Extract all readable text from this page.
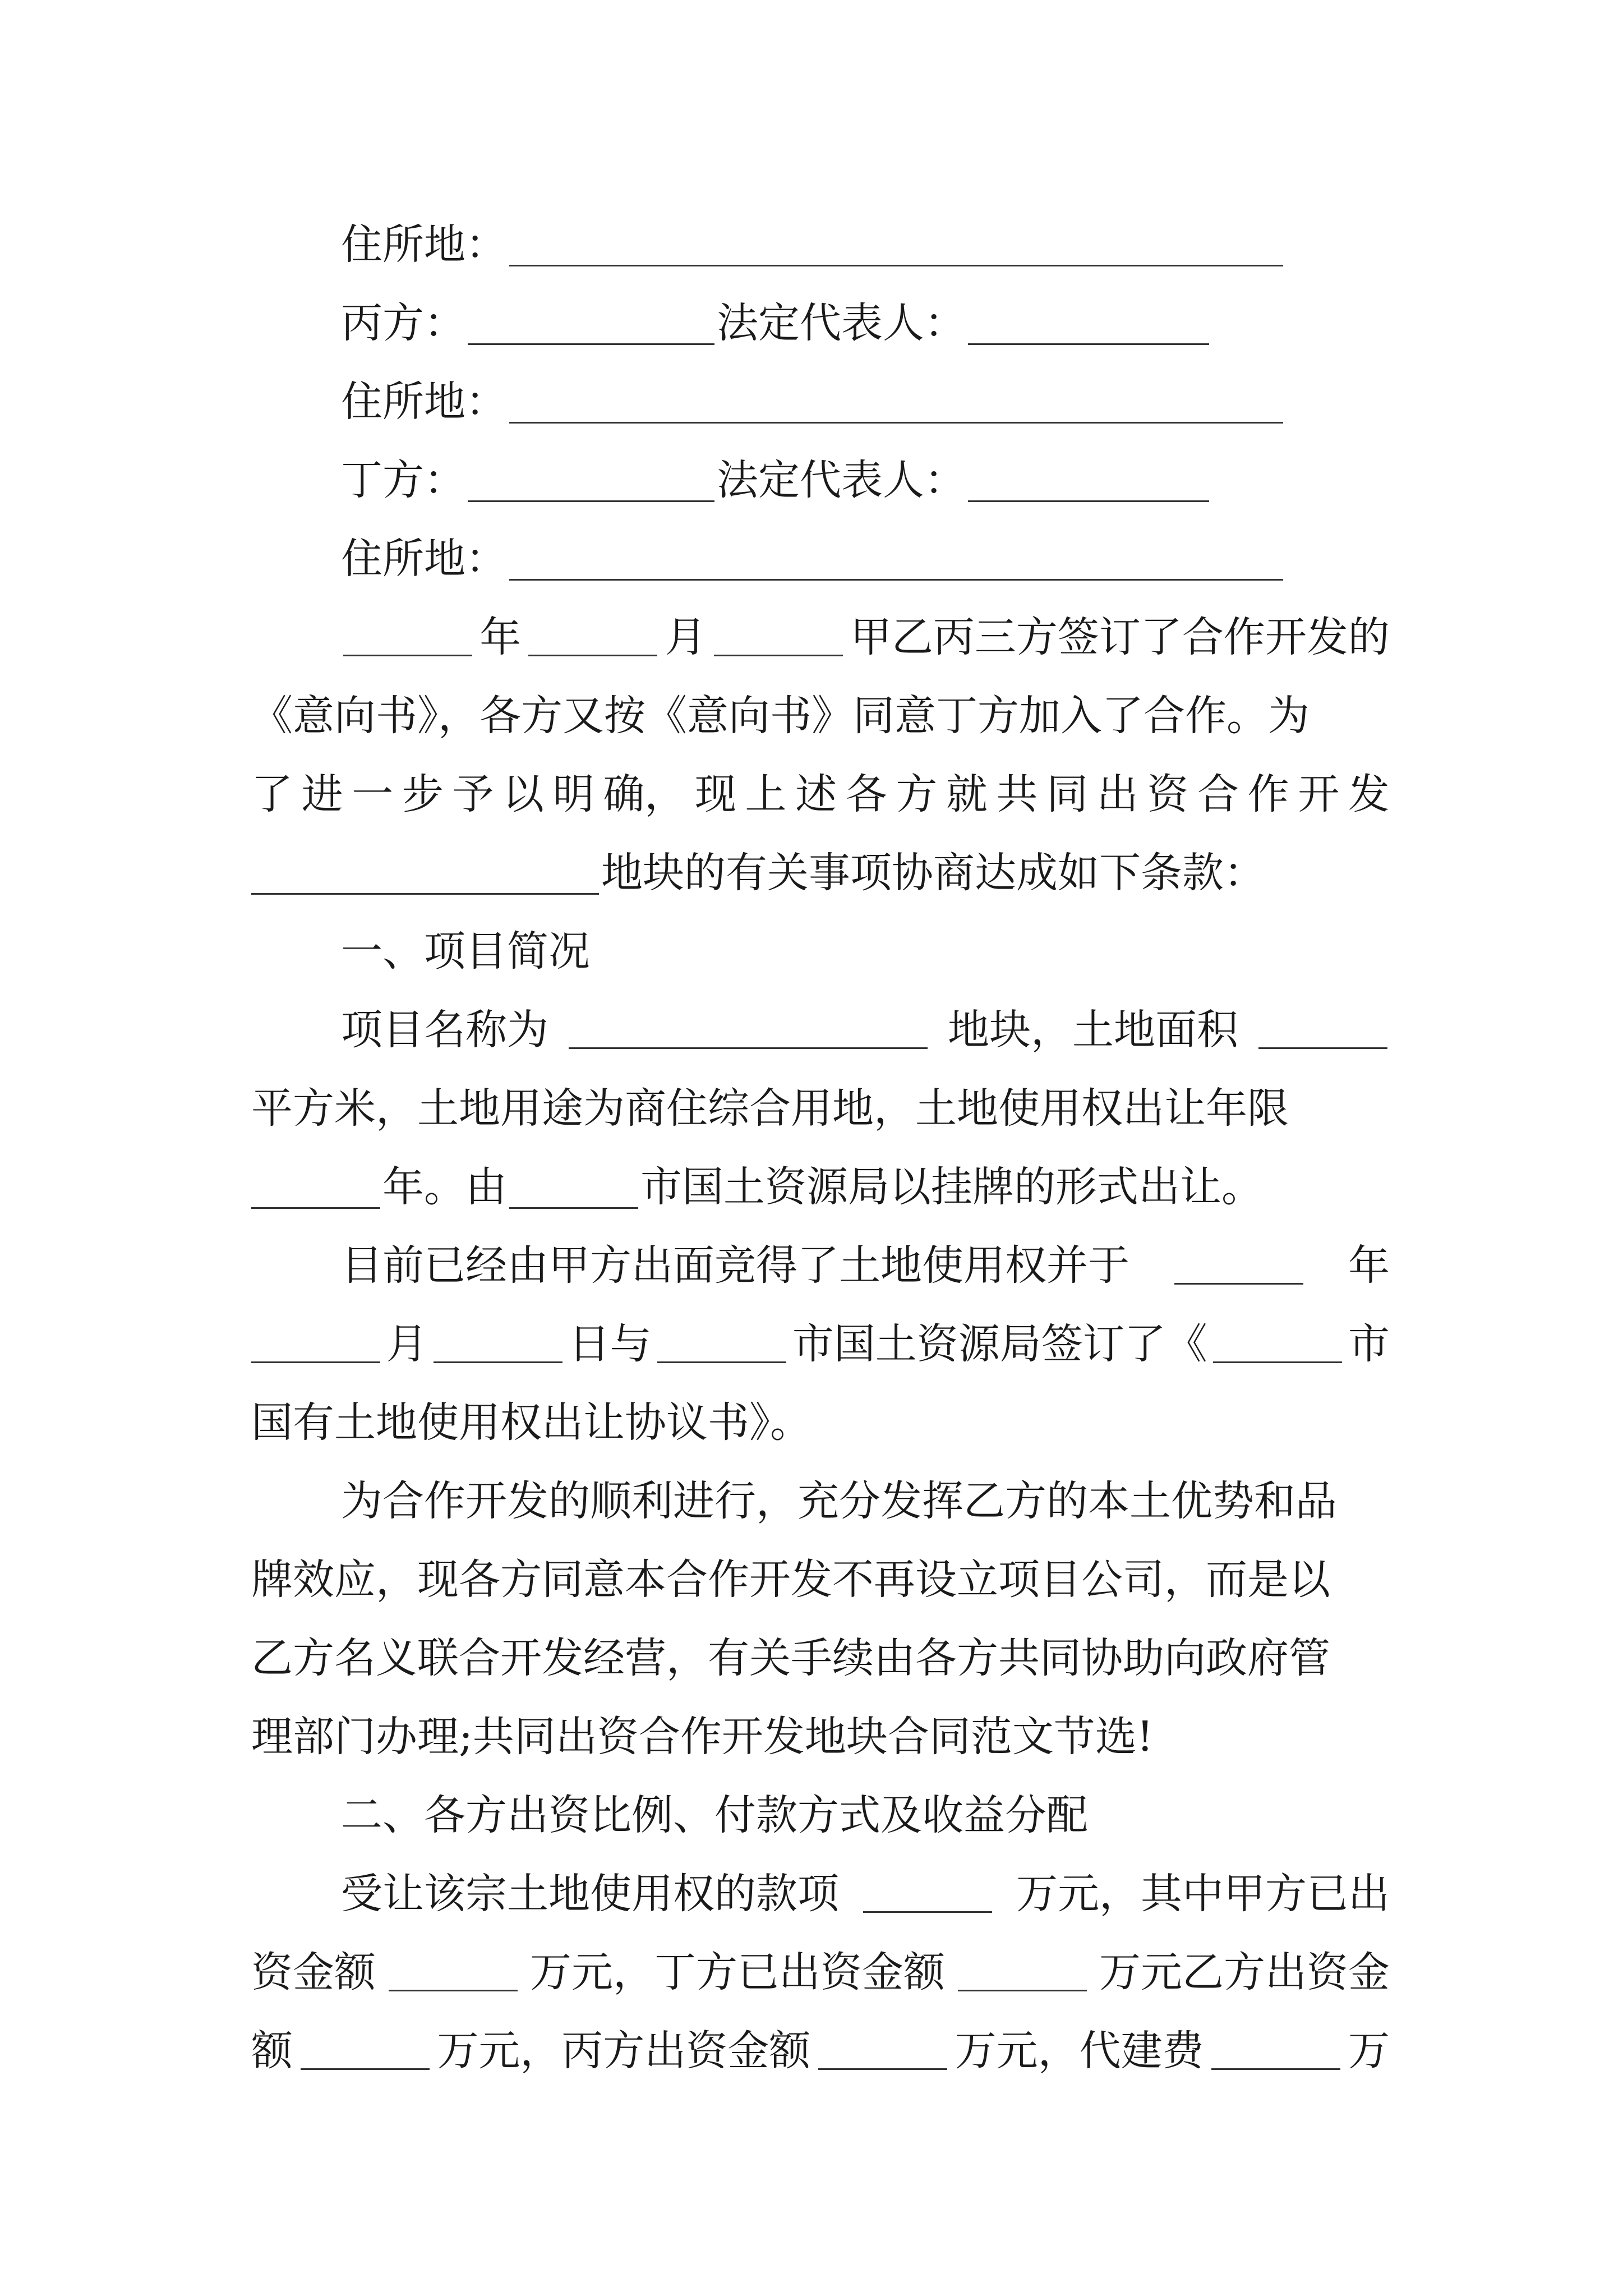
住所地：
丙方：	法定代表人：
住所地：
丁方：	法定代表人：
住所地：
年	月	甲乙丙三方签订了合作开发的
《意向书》，各方又按《意向书》同意丁方加入了合作。为
了 进 一 步 予 以 明 确， 现 上 述 各 方 就 共 同 出 资 合 作 开 发
地块的有关事项协商达成如下条款：
一、项目简况
项目名称为	地块，土地面积
平方米，土地用途为商住综合用地，土地使用权出让年限
年。由	市国土资源局以挂牌的形式出让。
目前已经由甲方出面竞得了土地使用权并于	年
月	日与	市国土资源局签订了《	市
国有土地使用权出让协议书》。
为合作开发的顺利进行，充分发挥乙方的本土优势和品
牌效应，现各方同意本合作开发不再设立项目公司，而是以
乙方名义联合开发经营，有关手续由各方共同协助向政府管
理部门办理;共同出资合作开发地块合同范文节选!
二、各方出资比例、付款方式及收益分配
受让该宗土地使用权的款项	万元，其中甲方已出
资金额	万元，丁方已出资金额	万元乙方出资金
额	万元，丙方出资金额	万元，代建费	万
